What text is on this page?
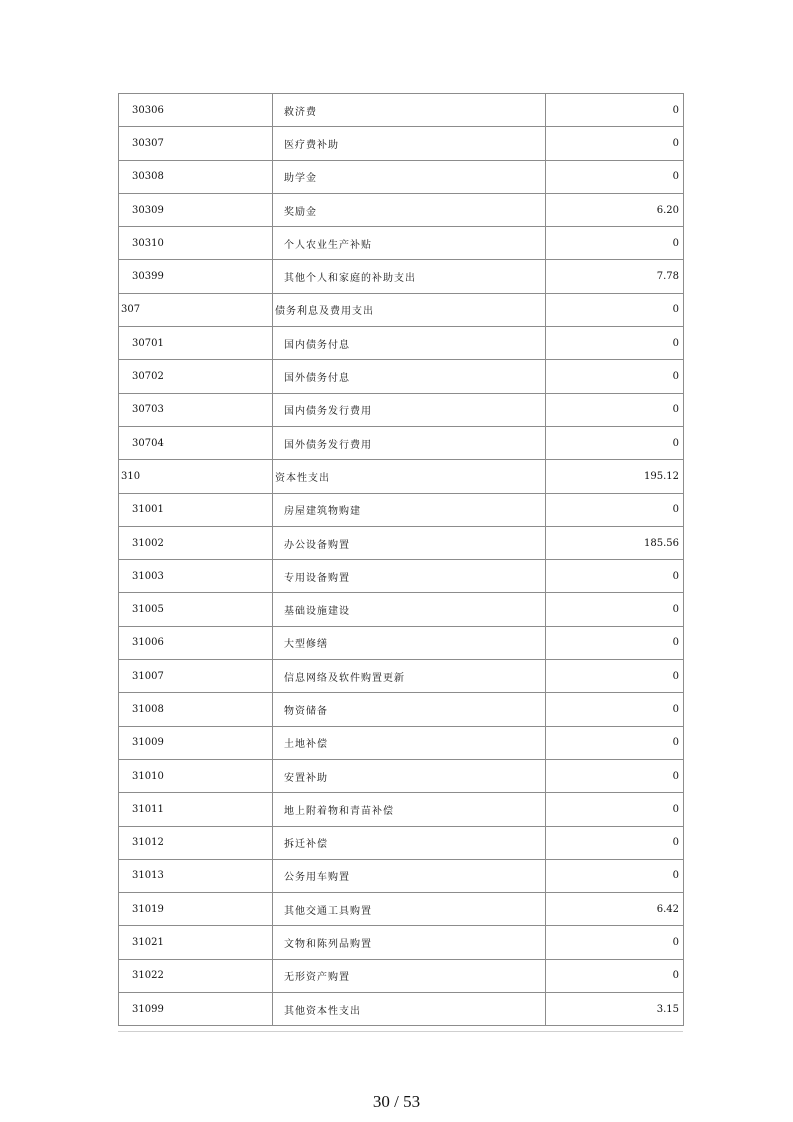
30306	救济费	0
30307	医疗费补助	0
30308	助学金	0
30309	奖励金	6.20
30310	个人农业生产补贴	0
30399	其他个人和家庭的补助支出	7.78
307	债务利息及费用支出	0
30701	国内债务付息	0
30702	国外债务付息	0
30703	国内债务发行费用	0
30704	国外债务发行费用	0
310	资本性支出	195.12
31001	房屋建筑物购建	0
31002	办公设备购置	185.56
31003	专用设备购置	0
31005	基础设施建设	0
31006	大型修缮	0
31007	信息网络及软件购置更新	0
31008	物资储备	0
31009	土地补偿	0
31010	安置补助	0
31011	地上附着物和青苗补偿	0
31012	拆迁补偿	0
31013	公务用车购置	0
31019	其他交通工具购置	6.42
31021	文物和陈列品购置	0
31022	无形资产购置	0
31099	其他资本性支出	3.15
30 / 53
